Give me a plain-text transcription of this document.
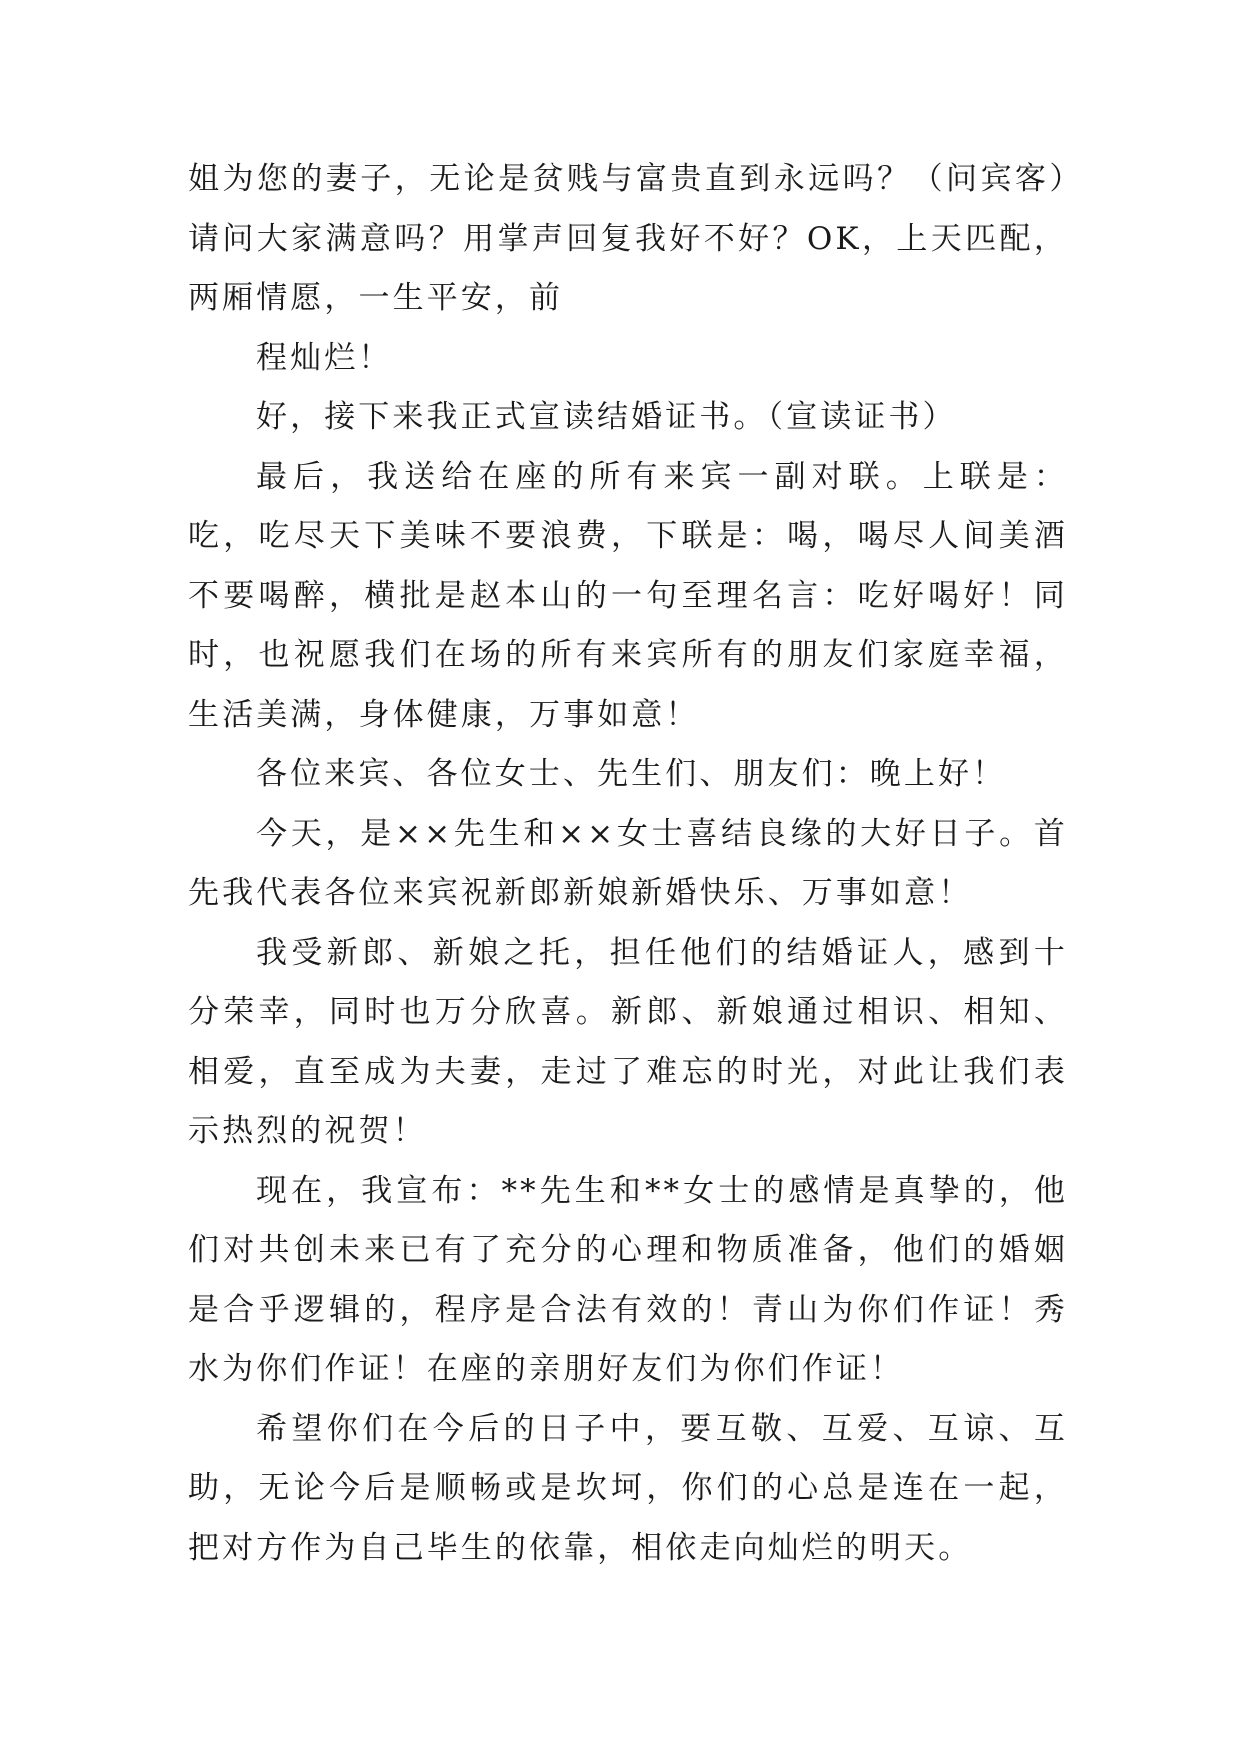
姐为您的妻子，无论是贫贱与富贵直到永远吗？（问宾客）请问大家满意吗？用掌声回复我好不好？OK，上天匹配，两厢情愿，一生平安，前

程灿烂！

好，接下来我正式宣读结婚证书。（宣读证书）

最后，我送给在座的所有来宾一副对联。上联是：吃，吃尽天下美味不要浪费，下联是：喝，喝尽人间美酒不要喝醉，横批是赵本山的一句至理名言：吃好喝好！同时，也祝愿我们在场的所有来宾所有的朋友们家庭幸福，生活美满，身体健康，万事如意！

各位来宾、各位女士、先生们、朋友们：晚上好！

今天，是××先生和××女士喜结良缘的大好日子。首先我代表各位来宾祝新郎新娘新婚快乐、万事如意！

我受新郎、新娘之托，担任他们的结婚证人，感到十分荣幸，同时也万分欣喜。新郎、新娘通过相识、相知、相爱，直至成为夫妻，走过了难忘的时光，对此让我们表示热烈的祝贺！

现在，我宣布：**先生和**女士的感情是真挚的，他们对共创未来已有了充分的心理和物质准备，他们的婚姻是合乎逻辑的，程序是合法有效的！青山为你们作证！秀水为你们作证！在座的亲朋好友们为你们作证！

希望你们在今后的日子中，要互敬、互爱、互谅、互助，无论今后是顺畅或是坎坷，你们的心总是连在一起，把对方作为自己毕生的依靠，相依走向灿烂的明天。
